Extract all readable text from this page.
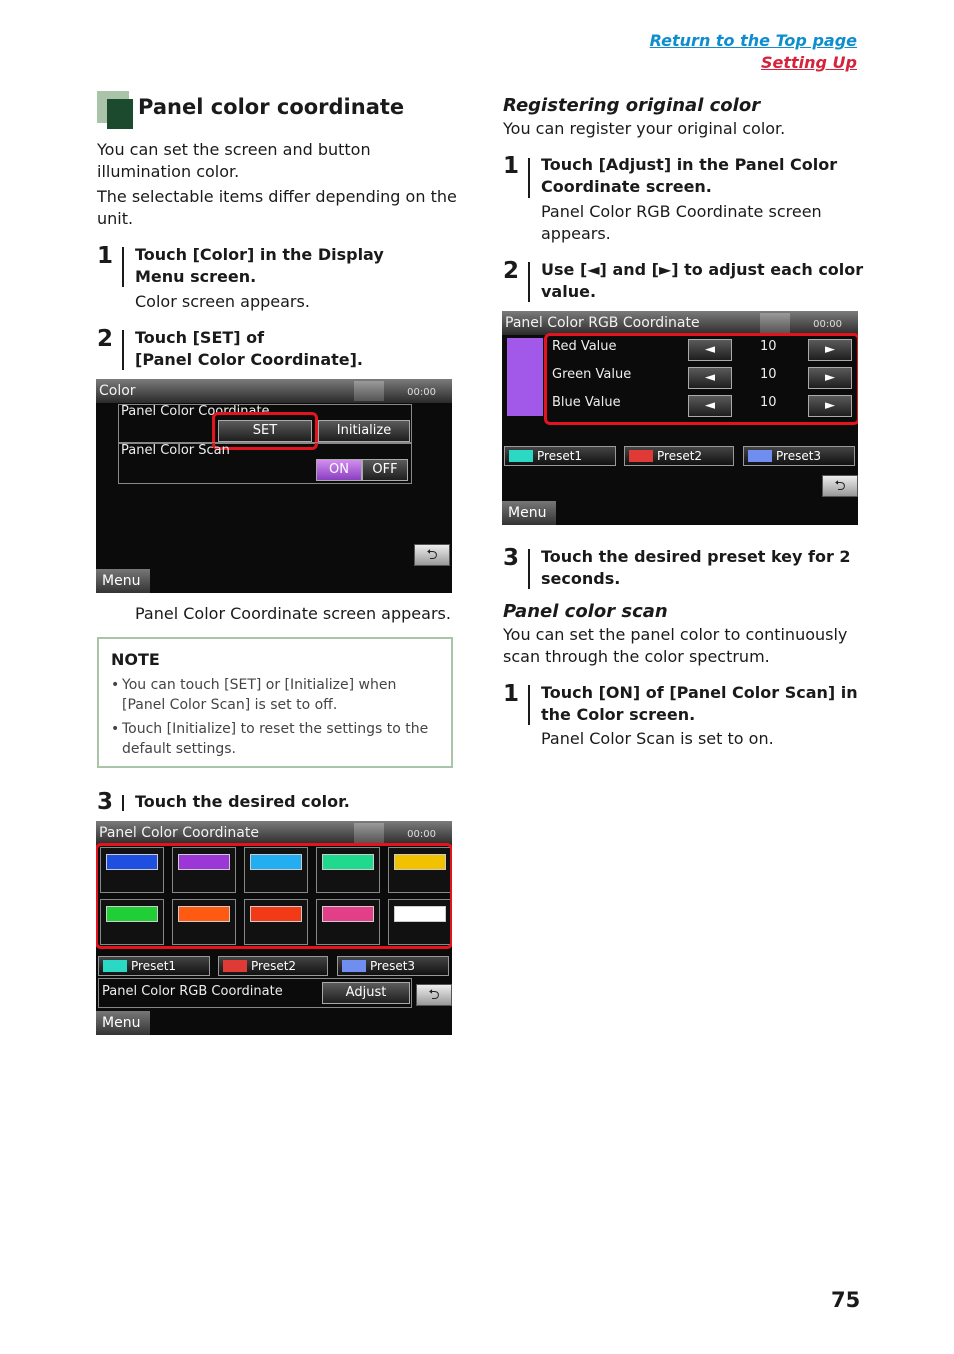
Return to the Top page
Setting Up
Panel color coordinate
You can set the screen and button illumination color.
The selectable items differ depending on the unit.
1 Touch [Color] in the Display Menu screen.
Color screen appears.
2 Touch [SET] of
[Panel Color Coordinate].
Color	00:00
Panel Color Coordinate
SET	Initialize
Panel Color Scan
ON	OFF
⮌
Menu
Panel Color Coordinate screen appears.
NOTE
• You can touch [SET] or [Initialize] when [Panel Color Scan] is set to off.
• Touch [Initialize] to reset the settings to the default settings.
3 Touch the desired color.
Panel Color Coordinate	00:00
Preset1	Preset2	Preset3
Panel Color RGB Coordinate	Adjust	⮌
Menu
Registering original color
You can register your original color.
1 Touch [Adjust] in the Panel Color
Coordinate screen.
Panel Color RGB Coordinate screen
appears.
2 Use [◄] and [►] to adjust each color
value.
Panel Color RGB Coordinate	00:00
Red Value	◄	10	►
Green Value	◄	10	►
Blue Value	◄	10	►
Preset1	Preset2	Preset3
⮌
Menu
3 Touch the desired preset key for 2
seconds.
Panel color scan
You can set the panel color to continuously
scan through the color spectrum.
1 Touch [ON] of [Panel Color Scan] in
the Color screen.
Panel Color Scan is set to on.
75
